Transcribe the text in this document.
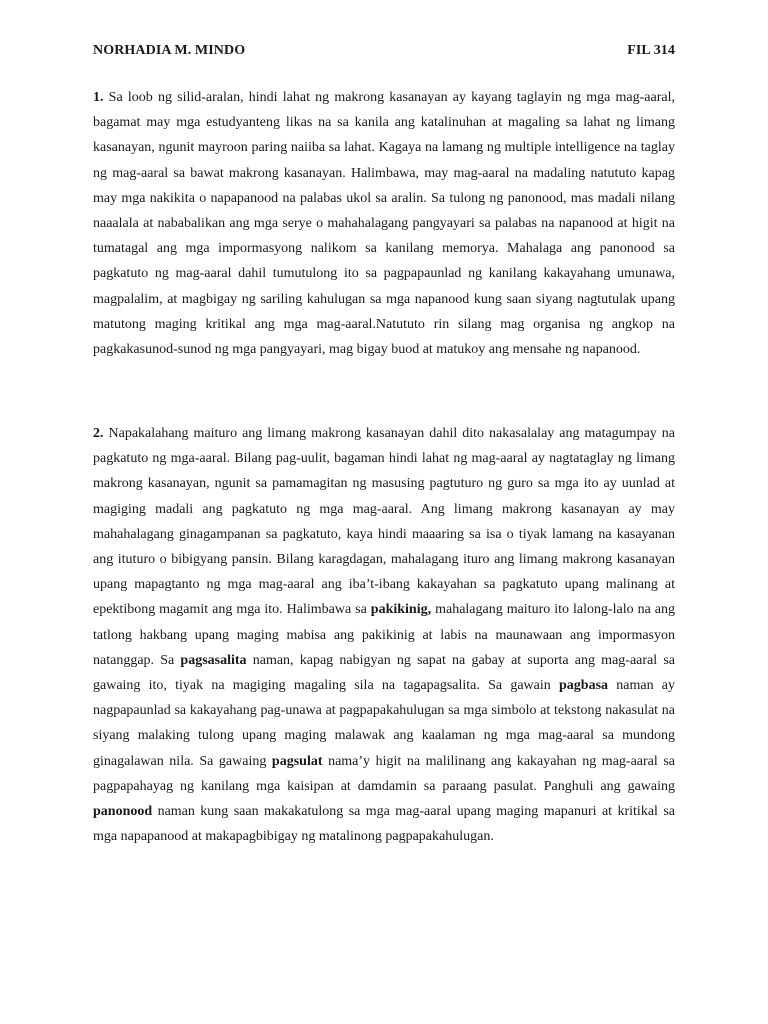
NORHADIA M. MINDO	FIL 314

1. Sa loob ng silid-aralan, hindi lahat ng makrong kasanayan ay kayang taglayin ng mga mag-aaral, bagamat may mga estudyanteng likas na sa kanila ang katalinuhan at magaling sa lahat ng limang kasanayan, ngunit mayroon paring naiiba sa lahat. Kagaya na lamang ng multiple intelligence na taglay ng mag-aaral sa bawat makrong kasanayan. Halimbawa, may mag-aaral na madaling natututo kapag may mga nakikita o napapanood na palabas ukol sa aralin. Sa tulong ng panonood, mas madali nilang naaalala at nababalikan ang mga serye o mahahalagang pangyayari sa palabas na napanood at higit na tumatagal ang mga impormasyong nalikom sa kanilang memorya. Mahalaga ang panonood sa pagkatuto ng mag-aaral dahil tumutulong ito sa pagpapaunlad ng kanilang kakayahang umunawa, magpalalim, at magbigay ng sariling kahulugan sa mga napanood kung saan siyang nagtutulak upang matutong maging kritikal ang mga mag-aaral.Natututo rin silang mag organisa ng angkop na pagkakasunod-sunod ng mga pangyayari, mag bigay buod at matukoy ang mensahe ng napanood.

2. Napakalahang maituro ang limang makrong kasanayan dahil dito nakasalalay ang matagumpay na pagkatuto ng mga-aaral. Bilang pag-uulit, bagaman hindi lahat ng mag-aaral ay nagtataglay ng limang makrong kasanayan, ngunit sa pamamagitan ng masusing pagtuturo ng guro sa mga ito ay uunlad at magiging madali ang pagkatuto ng mga mag-aaral. Ang limang makrong kasanayan ay may mahahalagang ginagampanan sa pagkatuto, kaya hindi maaaring sa isa o tiyak lamang na kasayanan ang ituturo o bibigyang pansin. Bilang karagdagan, mahalagang ituro ang limang makrong kasanayan upang mapagtanto ng mga mag-aaral ang iba’t-ibang kakayahan sa pagkatuto upang malinang at epektibong magamit ang mga ito. Halimbawa sa pakikinig, mahalagang maituro ito lalong-lalo na ang tatlong hakbang upang maging mabisa ang pakikinig at labis na maunawaan ang impormasyon natanggap. Sa pagsasalita naman, kapag nabigyan ng sapat na gabay at suporta ang mag-aaral sa gawaing ito, tiyak na magiging magaling sila na tagapagsalita. Sa gawain pagbasa naman ay nagpapaunlad sa kakayahang pag-unawa at pagpapakahulugan sa mga simbolo at tekstong nakasulat na siyang malaking tulong upang maging malawak ang kaalaman ng mga mag-aaral sa mundong ginagalawan nila. Sa gawaing pagsulat nama’y higit na malilinang ang kakayahan ng mag-aaral sa pagpapahayag ng kanilang mga kaisipan at damdamin sa paraang pasulat. Panghuli ang gawaing panonood naman kung saan makakatulong sa mga mag-aaral upang maging mapanuri at kritikal sa mga napapanood at makapagbibigay ng matalinong pagpapakahulugan.
